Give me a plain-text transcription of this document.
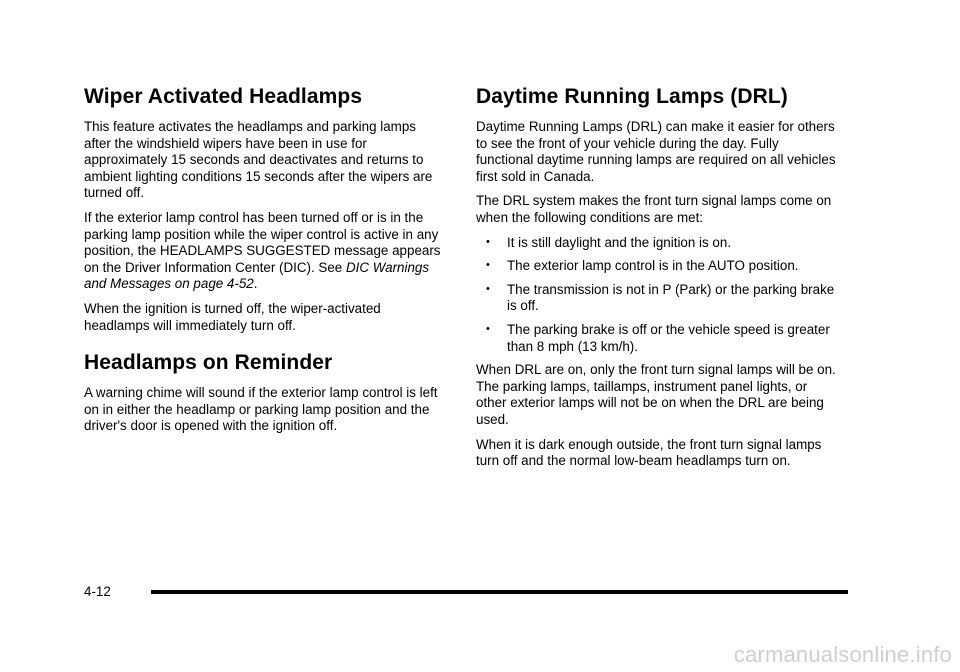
Wiper Activated Headlamps

This feature activates the headlamps and parking lamps after the windshield wipers have been in use for approximately 15 seconds and deactivates and returns to ambient lighting conditions 15 seconds after the wipers are turned off.

If the exterior lamp control has been turned off or is in the parking lamp position while the wiper control is active in any position, the HEADLAMPS SUGGESTED message appears on the Driver Information Center (DIC). See DIC Warnings and Messages on page 4-52.

When the ignition is turned off, the wiper-activated headlamps will immediately turn off.

Headlamps on Reminder

A warning chime will sound if the exterior lamp control is left on in either the headlamp or parking lamp position and the driver's door is opened with the ignition off.

Daytime Running Lamps (DRL)

Daytime Running Lamps (DRL) can make it easier for others to see the front of your vehicle during the day. Fully functional daytime running lamps are required on all vehicles first sold in Canada.

The DRL system makes the front turn signal lamps come on when the following conditions are met:

• It is still daylight and the ignition is on.
• The exterior lamp control is in the AUTO position.
• The transmission is not in P (Park) or the parking brake is off.
• The parking brake is off or the vehicle speed is greater than 8 mph (13 km/h).

When DRL are on, only the front turn signal lamps will be on. The parking lamps, taillamps, instrument panel lights, or other exterior lamps will not be on when the DRL are being used.

When it is dark enough outside, the front turn signal lamps turn off and the normal low-beam headlamps turn on.

4-12
carmanualsonline.info
